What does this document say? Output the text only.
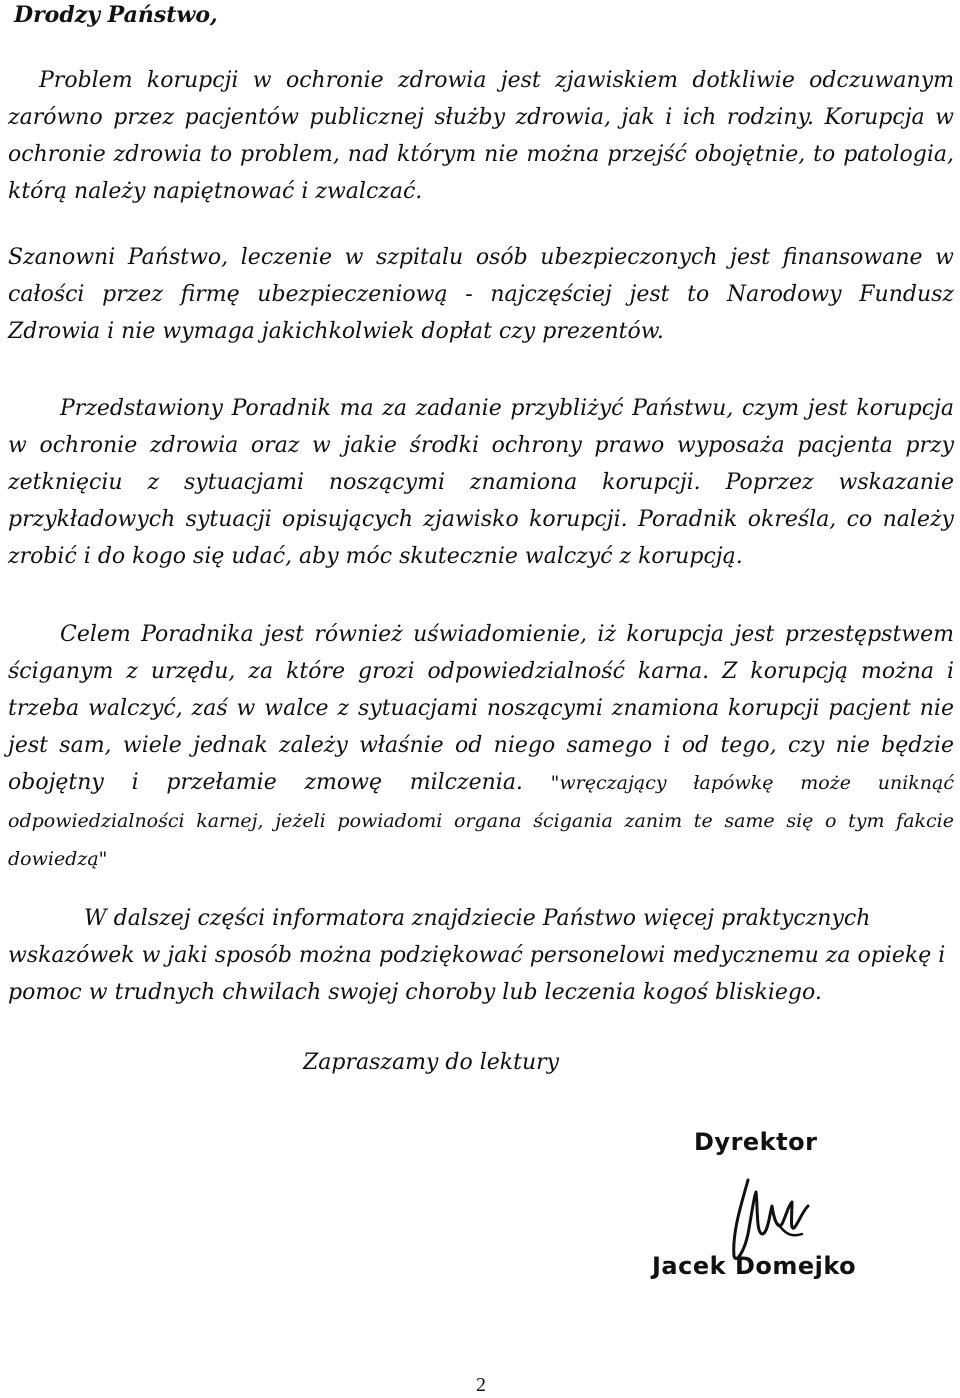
Drodzy Państwo,

Problem korupcji w ochronie zdrowia jest zjawiskiem dotkliwie odczuwanym zarówno przez pacjentów publicznej służby zdrowia, jak i ich rodziny. Korupcja w ochronie zdrowia to problem, nad którym nie można przejść obojętnie, to patologia, którą należy napiętnować i zwalczać.

Szanowni Państwo, leczenie w szpitalu osób ubezpieczonych jest finansowane w całości przez firmę ubezpieczeniową - najczęściej jest to Narodowy Fundusz Zdrowia i nie wymaga jakichkolwiek dopłat czy prezentów.

Przedstawiony Poradnik ma za zadanie przybliżyć Państwu, czym jest korupcja w ochronie zdrowia oraz w jakie środki ochrony prawo wyposaża pacjenta przy zetknięciu z sytuacjami noszącymi znamiona korupcji. Poprzez wskazanie przykładowych sytuacji opisujących zjawisko korupcji. Poradnik określa, co należy zrobić i do kogo się udać, aby móc skutecznie walczyć z korupcją.

Celem Poradnika jest również uświadomienie, iż korupcja jest przestępstwem ściganym z urzędu, za które grozi odpowiedzialność karna. Z korupcją można i trzeba walczyć, zaś w walce z sytuacjami noszącymi znamiona korupcji pacjent nie jest sam, wiele jednak zależy właśnie od niego samego i od tego, czy nie będzie obojętny i przełamie zmowę milczenia. "wręczający łapówkę może uniknąć odpowiedzialności karnej, jeżeli powiadomi organa ścigania zanim te same się o tym fakcie dowiedzą"

W dalszej części informatora znajdziecie Państwo więcej praktycznych wskazówek w jaki sposób można podziękować personelowi medycznemu za opiekę i pomoc w trudnych chwilach swojej choroby lub leczenia kogoś bliskiego.

Zapraszamy do lektury

Dyrektor
Jacek Domejko

2
